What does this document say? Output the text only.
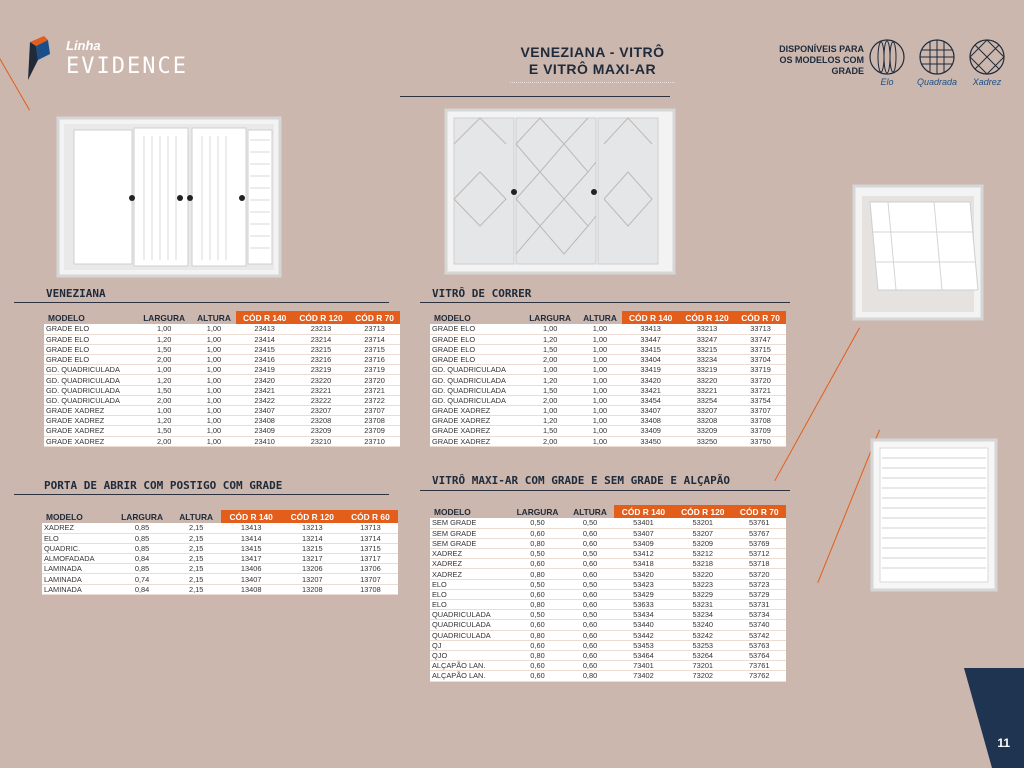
Linha
EVIDENCE
VENEZIANA - VITRÔ
E VITRÔ MAXI-AR
DISPONÍVEIS PARA
OS MODELOS COM
GRADE
Elo	Quadrada	Xadrez
VENEZIANA	VITRÔ DE CORRER
PORTA DE ABRIR COM POSTIGO COM GRADE	VITRÔ MAXI-AR COM GRADE E SEM GRADE E ALÇAPÃO
MODELO	LARGURA	ALTURA	CÓD R 140	CÓD R 120	CÓD R 70
GRADE ELO	1,00	1,00	23413	23213	23713
GRADE ELO	1,20	1,00	23414	23214	23714
GRADE ELO	1,50	1,00	23415	23215	23715
GRADE ELO	2,00	1,00	23416	23216	23716
GD. QUADRICULADA	1,00	1,00	23419	23219	23719
GD. QUADRICULADA	1,20	1,00	23420	23220	23720
GD. QUADRICULADA	1,50	1,00	23421	23221	23721
GD. QUADRICULADA	2,00	1,00	23422	23222	23722
GRADE XADREZ	1,00	1,00	23407	23207	23707
GRADE XADREZ	1,20	1,00	23408	23208	23708
GRADE XADREZ	1,50	1,00	23409	23209	23709
GRADE XADREZ	2,00	1,00	23410	23210	23710
MODELO	LARGURA	ALTURA	CÓD R 140	CÓD R 120	CÓD R 70
GRADE ELO	1,00	1,00	33413	33213	33713
GRADE ELO	1,20	1,00	33447	33247	33747
GRADE ELO	1,50	1,00	33415	33215	33715
GRADE ELO	2,00	1,00	33404	33234	33704
GD. QUADRICULADA	1,00	1,00	33419	33219	33719
GD. QUADRICULADA	1,20	1,00	33420	33220	33720
GD. QUADRICULADA	1,50	1,00	33421	33221	33721
GD. QUADRICULADA	2,00	1,00	33454	33254	33754
GRADE XADREZ	1,00	1,00	33407	33207	33707
GRADE XADREZ	1,20	1,00	33408	33208	33708
GRADE XADREZ	1,50	1,00	33409	33209	33709
GRADE XADREZ	2,00	1,00	33450	33250	33750
MODELO	LARGURA	ALTURA	CÓD R 140	CÓD R 120	CÓD R 60
XADREZ	0,85	2,15	13413	13213	13713
ELO	0,85	2,15	13414	13214	13714
QUADRIC.	0,85	2,15	13415	13215	13715
ALMOFADADA	0,84	2,15	13417	13217	13717
LAMINADA	0,85	2,15	13406	13206	13706
LAMINADA	0,74	2,15	13407	13207	13707
LAMINADA	0,84	2,15	13408	13208	13708
MODELO	LARGURA	ALTURA	CÓD R 140	CÓD R 120	CÓD R 70
SEM GRADE	0,50	0,50	53401	53201	53761
SEM GRADE	0,60	0,60	53407	53207	53767
SEM GRADE	0,80	0,60	53409	53209	53769
XADREZ	0,50	0,50	53412	53212	53712
XADREZ	0,60	0,60	53418	53218	53718
XADREZ	0,80	0,60	53420	53220	53720
ELO	0,50	0,50	53423	53223	53723
ELO	0,60	0,60	53429	53229	53729
ELO	0,80	0,60	53633	53231	53731
QUADRICULADA	0,50	0,50	53434	53234	53734
QUADRICULADA	0,60	0,60	53440	53240	53740
QUADRICULADA	0,80	0,60	53442	53242	53742
QJ	0,60	0,60	53453	53253	53763
QJO	0,80	0,60	53464	53264	53764
ALÇAPÃO LAN.	0,60	0,60	73401	73201	73761
ALÇAPÃO LAN.	0,60	0,80	73402	73202	73762
11
